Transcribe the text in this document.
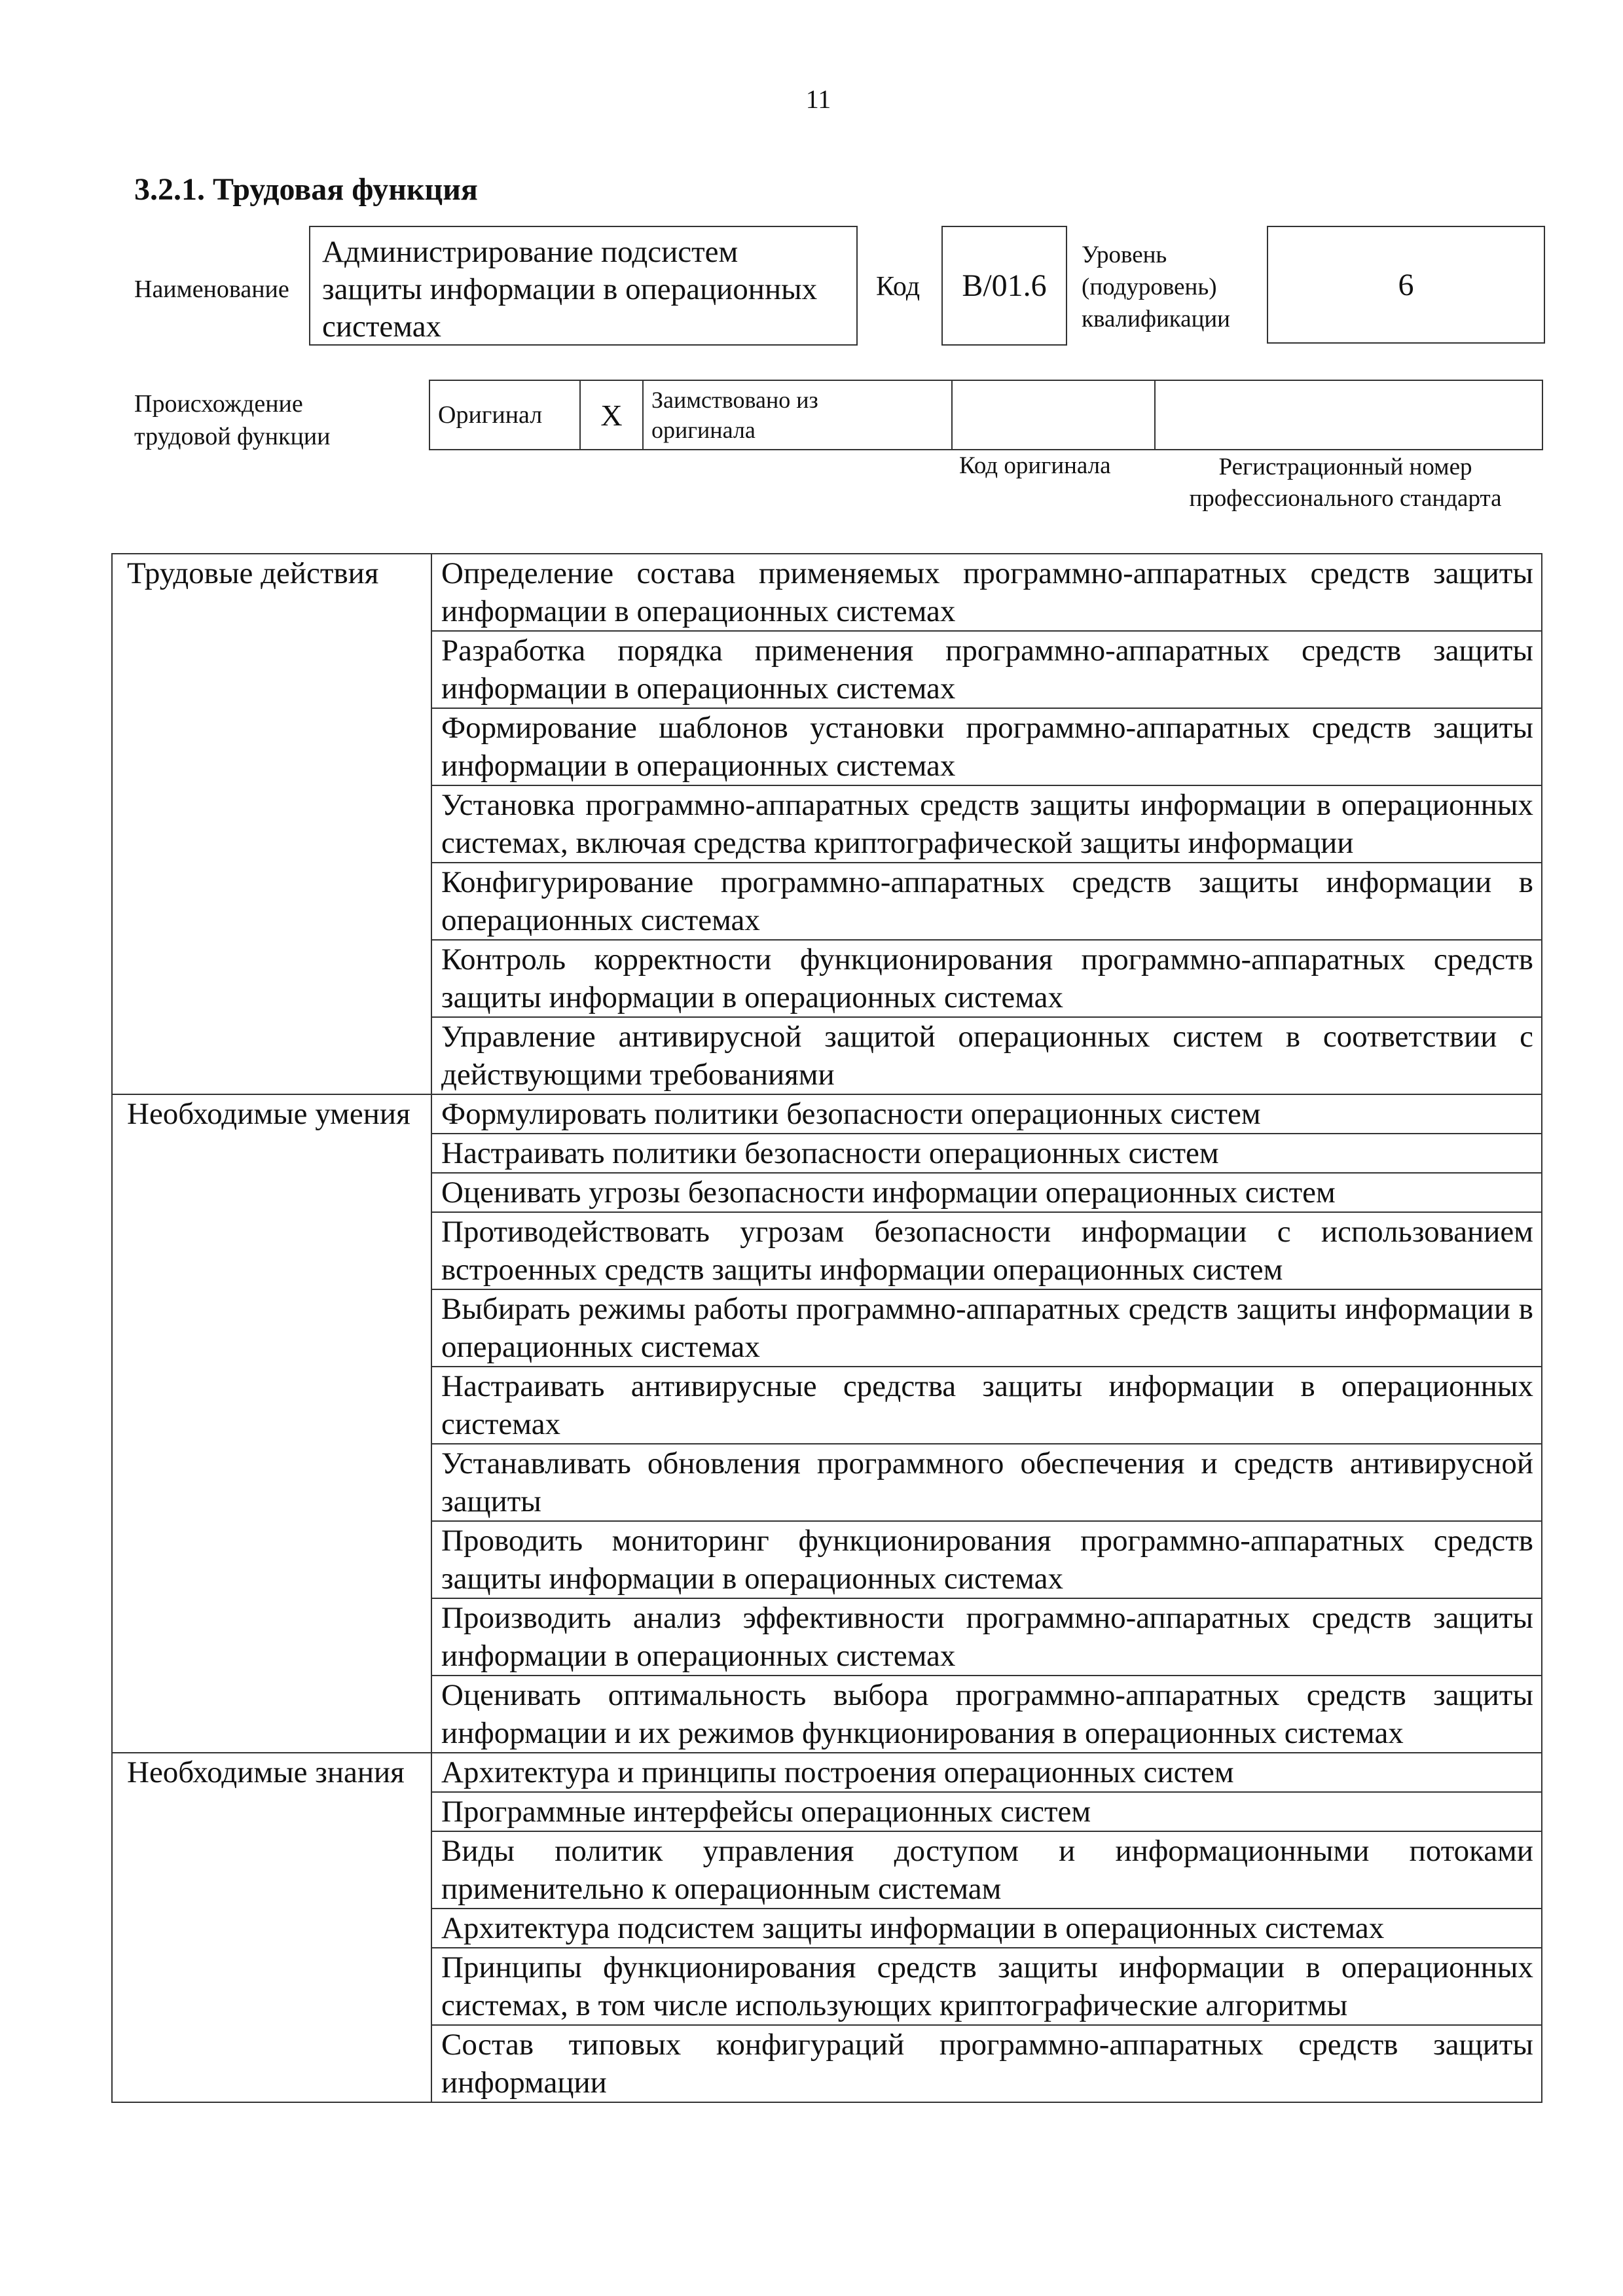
11
3.2.1. Трудовая функция
Наименование
Администрирование подсистем защиты информации в операционных системах
Код	B/01.6
Уровень
(подуровень)
квалификации
6
Происхождение
трудовой функции
Оригинал	X	Заимствовано из
оригинала

Код оригинала	Регистрационный номер
профессионального стандарта
Трудовые действия	Определение состава применяемых программно-аппаратных средств защиты информации в операционных системах
	Разработка порядка применения программно-аппаратных средств защиты информации в операционных системах
	Формирование шаблонов установки программно-аппаратных средств защиты информации в операционных системах
	Установка программно-аппаратных средств защиты информации в операционных системах, включая средства криптографической защиты информации
	Конфигурирование программно-аппаратных средств защиты информации в операционных системах
	Контроль корректности функционирования программно-аппаратных средств защиты информации в операционных системах
	Управление антивирусной защитой операционных систем в соответствии с действующими требованиями
Необходимые умения	Формулировать политики безопасности операционных систем
	Настраивать политики безопасности операционных систем
	Оценивать угрозы безопасности информации операционных систем
	Противодействовать угрозам безопасности информации с использованием встроенных средств защиты информации операционных систем
	Выбирать режимы работы программно-аппаратных средств защиты информации в операционных системах
	Настраивать антивирусные средства защиты информации в операционных системах
	Устанавливать обновления программного обеспечения и средств антивирусной защиты
	Проводить мониторинг функционирования программно-аппаратных средств защиты информации в операционных системах
	Производить анализ эффективности программно-аппаратных средств защиты информации в операционных системах
	Оценивать оптимальность выбора программно-аппаратных средств защиты информации и их режимов функционирования в операционных системах
Необходимые знания	Архитектура и принципы построения операционных систем
	Программные интерфейсы операционных систем
	Виды политик управления доступом и информационными потоками применительно к операционным системам
	Архитектура подсистем защиты информации в операционных системах
	Принципы функционирования средств защиты информации в операционных системах, в том числе использующих криптографические алгоритмы
	Состав типовых конфигураций программно-аппаратных средств защиты информации
